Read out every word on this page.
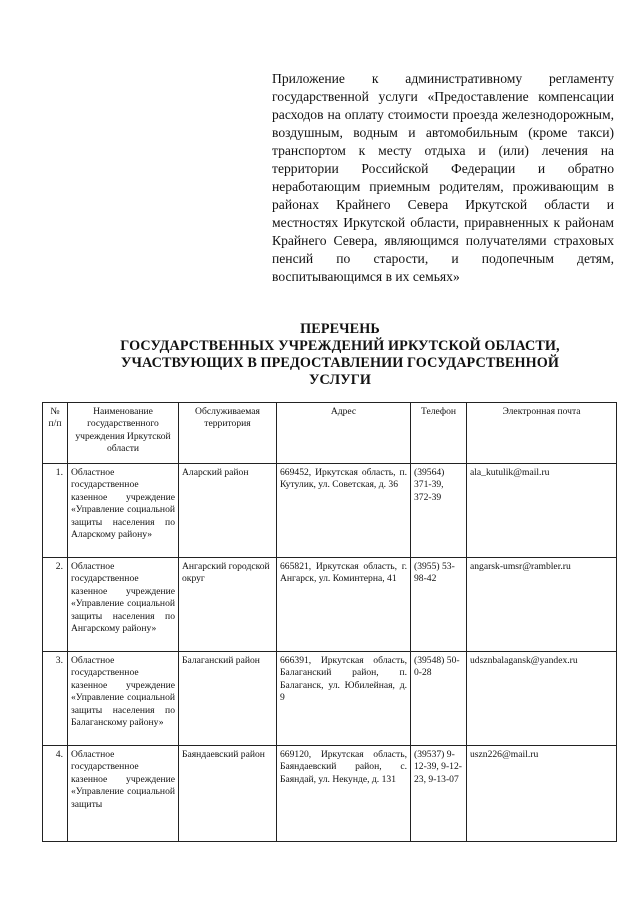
Приложение к административному регламенту государственной услуги «Предоставление компенсации расходов на оплату стоимости проезда железнодорожным, воздушным, водным и автомобильным (кроме такси) транспортом к месту отдыха и (или) лечения на территории Российской Федерации и обратно неработающим приемным родителям, проживающим в районах Крайнего Севера Иркутской области и местностях Иркутской области, приравненных к районам Крайнего Севера, являющимся получателями страховых пенсий по старости, и подопечным детям, воспитывающимся в их семьях»
ПЕРЕЧЕНЬ
ГОСУДАРСТВЕННЫХ УЧРЕЖДЕНИЙ ИРКУТСКОЙ ОБЛАСТИ,
УЧАСТВУЮЩИХ В ПРЕДОСТАВЛЕНИИ ГОСУДАРСТВЕННОЙ
УСЛУГИ
№ п/п	Наименование государственного учреждения Иркутской области	Обслуживаемая территория	Адрес	Телефон	Электронная почта
1.	Областное государственное казенное учреждение «Управление социальной защиты населения по Аларскому району»	Аларский район	669452, Иркутская область, п. Кутулик, ул. Советская, д. 36	(39564) 371-39, 372-39	ala_kutulik@mail.ru
2.	Областное государственное казенное учреждение «Управление социальной защиты населения по Ангарскому району»	Ангарский городской округ	665821, Иркутская область, г. Ангарск, ул. Коминтерна, 41	(3955) 53-98-42	angarsk-umsr@rambler.ru
3.	Областное государственное казенное учреждение «Управление социальной защиты населения по Балаганскому району»	Балаганский район	666391, Иркутская область, Балаганский район, п. Балаганск, ул. Юбилейная, д. 9	(39548) 50-0-28	udsznbalagansk@yandex.ru
4.	Областное государственное казенное учреждение «Управление социальной защиты	Баяндаевский район	669120, Иркутская область, Баяндаевский район, с. Баяндай, ул. Некунде, д. 131	(39537) 9-12-39, 9-12-23, 9-13-07	uszn226@mail.ru
